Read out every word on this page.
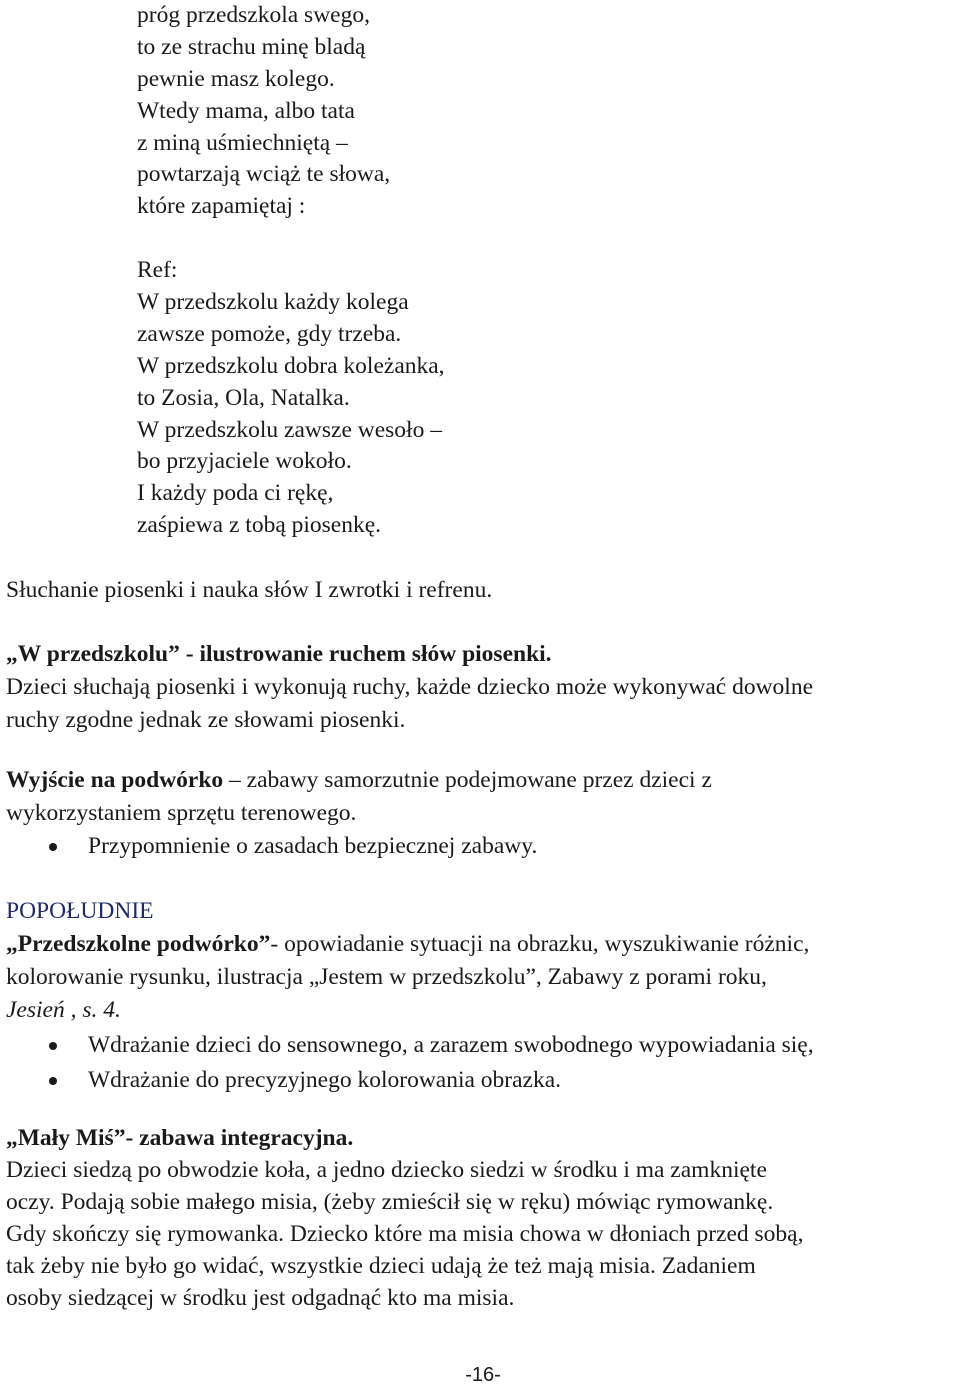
próg przedszkola swego,
to ze strachu minę bladą
pewnie masz kolego.
Wtedy mama, albo tata
z miną uśmiechniętą –
powtarzają wciąż te słowa,
które zapamiętaj :
Ref:
W przedszkolu każdy kolega
zawsze pomoże, gdy trzeba.
W przedszkolu dobra koleżanka,
to Zosia, Ola, Natalka.
W przedszkolu zawsze wesoło –
bo przyjaciele wokoło.
I każdy poda ci rękę,
zaśpiewa z tobą piosenkę.
Słuchanie piosenki i nauka słów I zwrotki i refrenu.
„W przedszkolu” - ilustrowanie ruchem słów piosenki.
Dzieci słuchają piosenki i wykonują ruchy, każde dziecko może wykonywać dowolne
ruchy zgodne jednak ze słowami piosenki.
Wyjście na podwórko – zabawy samorzutnie podejmowane przez dzieci z
wykorzystaniem sprzętu terenowego.
Przypomnienie o zasadach bezpiecznej zabawy.
POPOŁUDNIE
„Przedszkolne podwórko”- opowiadanie sytuacji na obrazku, wyszukiwanie różnic,
kolorowanie rysunku, ilustracja „Jestem w przedszkolu”, Zabawy z porami roku,
Jesień , s. 4.
Wdrażanie dzieci do sensownego, a zarazem swobodnego wypowiadania się,
Wdrażanie do precyzyjnego kolorowania obrazka.
„Mały Miś”- zabawa integracyjna.
Dzieci siedzą po obwodzie koła, a jedno dziecko siedzi w środku i ma zamknięte
oczy. Podają sobie małego misia, (żeby zmieścił się w ręku) mówiąc rymowankę.
Gdy skończy się rymowanka. Dziecko które ma misia chowa w dłoniach przed sobą,
tak żeby nie było go widać, wszystkie dzieci udają że też mają misia. Zadaniem
osoby siedzącej w środku jest odgadnąć kto ma misia.
-16-
